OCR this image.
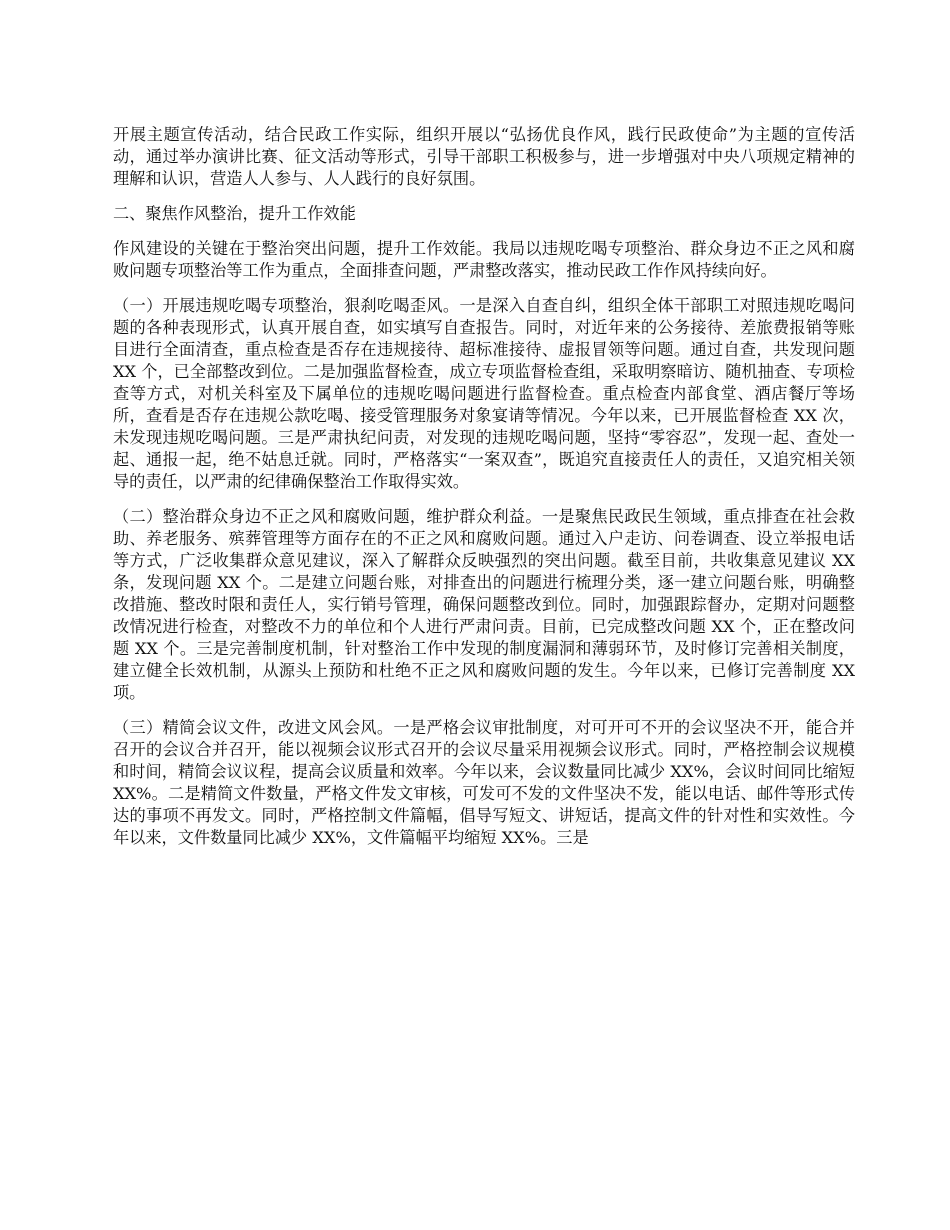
开展主题宣传活动，结合民政工作实际，组织开展以“弘扬优良作风，践行民政使命”为主题的宣传活动，通过举办演讲比赛、征文活动等形式，引导干部职工积极参与，进一步增强对中央八项规定精神的理解和认识，营造人人参与、人人践行的良好氛围。

二、聚焦作风整治，提升工作效能

作风建设的关键在于整治突出问题，提升工作效能。我局以违规吃喝专项整治、群众身边不正之风和腐败问题专项整治等工作为重点，全面排查问题，严肃整改落实，推动民政工作作风持续向好。

（一）开展违规吃喝专项整治，狠刹吃喝歪风。一是深入自查自纠，组织全体干部职工对照违规吃喝问题的各种表现形式，认真开展自查，如实填写自查报告。同时，对近年来的公务接待、差旅费报销等账目进行全面清查，重点检查是否存在违规接待、超标准接待、虚报冒领等问题。通过自查，共发现问题 XX 个，已全部整改到位。二是加强监督检查，成立专项监督检查组，采取明察暗访、随机抽查、专项检查等方式，对机关科室及下属单位的违规吃喝问题进行监督检查。重点检查内部食堂、酒店餐厅等场所，查看是否存在违规公款吃喝、接受管理服务对象宴请等情况。今年以来，已开展监督检查 XX 次，未发现违规吃喝问题。三是严肃执纪问责，对发现的违规吃喝问题，坚持“零容忍”，发现一起、查处一起、通报一起，绝不姑息迁就。同时，严格落实“一案双查”，既追究直接责任人的责任，又追究相关领导的责任，以严肃的纪律确保整治工作取得实效。

（二）整治群众身边不正之风和腐败问题，维护群众利益。一是聚焦民政民生领域，重点排查在社会救助、养老服务、殡葬管理等方面存在的不正之风和腐败问题。通过入户走访、问卷调查、设立举报电话等方式，广泛收集群众意见建议，深入了解群众反映强烈的突出问题。截至目前，共收集意见建议 XX 条，发现问题 XX 个。二是建立问题台账，对排查出的问题进行梳理分类，逐一建立问题台账，明确整改措施、整改时限和责任人，实行销号管理，确保问题整改到位。同时，加强跟踪督办，定期对问题整改情况进行检查，对整改不力的单位和个人进行严肃问责。目前，已完成整改问题 XX 个，正在整改问题 XX 个。三是完善制度机制，针对整治工作中发现的制度漏洞和薄弱环节，及时修订完善相关制度，建立健全长效机制，从源头上预防和杜绝不正之风和腐败问题的发生。今年以来，已修订完善制度 XX 项。

（三）精简会议文件，改进文风会风。一是严格会议审批制度，对可开可不开的会议坚决不开，能合并召开的会议合并召开，能以视频会议形式召开的会议尽量采用视频会议形式。同时，严格控制会议规模和时间，精简会议议程，提高会议质量和效率。今年以来，会议数量同比减少 XX%，会议时间同比缩短 XX%。二是精简文件数量，严格文件发文审核，可发可不发的文件坚决不发，能以电话、邮件等形式传达的事项不再发文。同时，严格控制文件篇幅，倡导写短文、讲短话，提高文件的针对性和实效性。今年以来，文件数量同比减少 XX%，文件篇幅平均缩短 XX%。三是
